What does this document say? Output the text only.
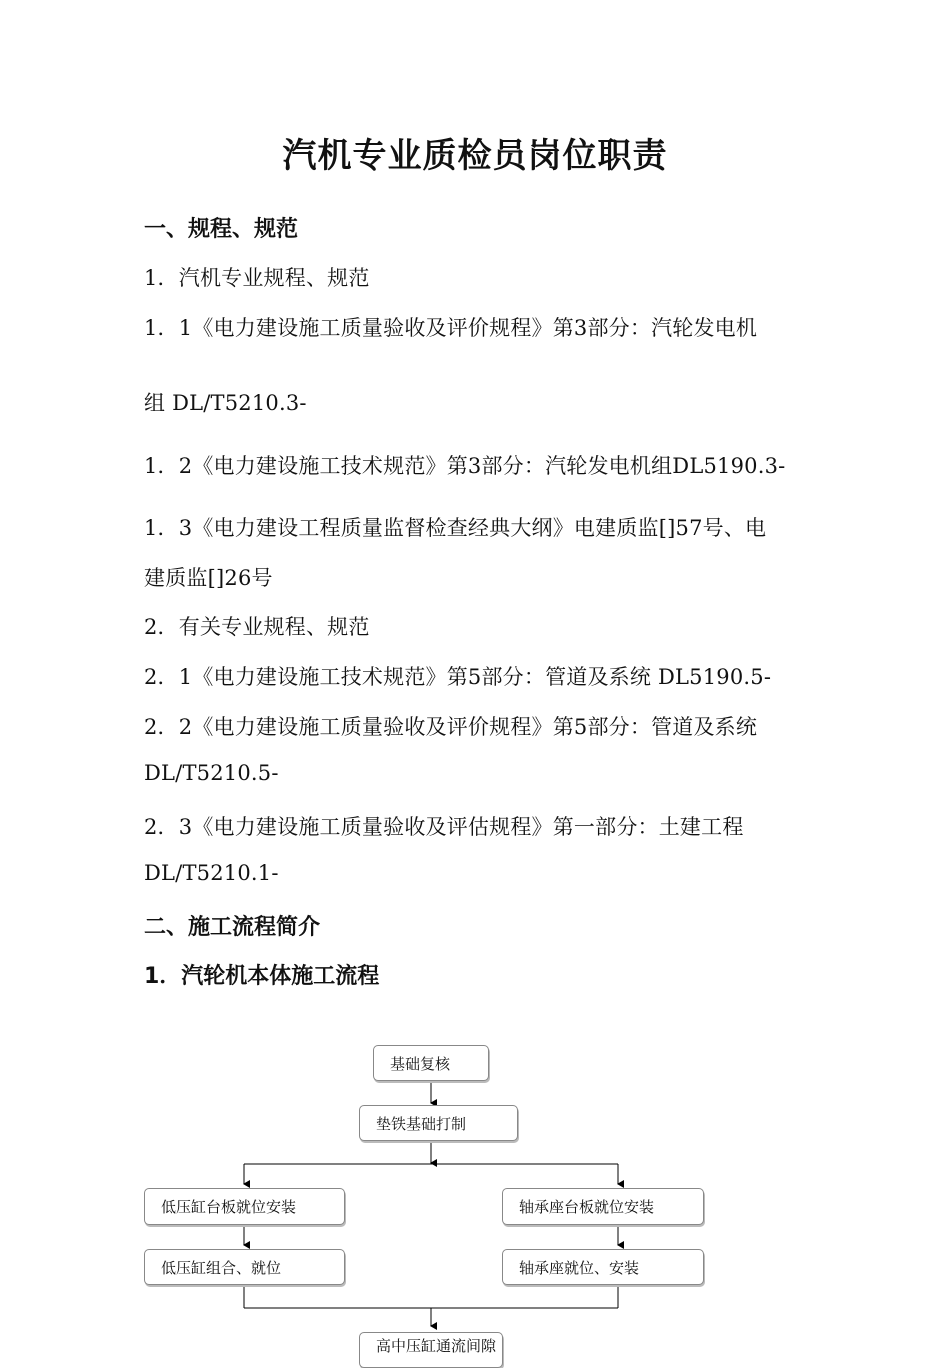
汽机专业质检员岗位职责
一、规程、规范

1．汽机专业规程、规范

1．1《电力建设施工质量验收及评价规程》第3部分：汽轮发电机

组 DL/T5210.3-

1．2《电力建设施工技术规范》第3部分：汽轮发电机组DL5190.3-

1．3《电力建设工程质量监督检查经典大纲》电建质监[]57号、电

建质监[]26号

2．有关专业规程、规范

2．1《电力建设施工技术规范》第5部分：管道及系统 DL5190.5-

2．2《电力建设施工质量验收及评价规程》第5部分：管道及系统

DL/T5210.5-

2．3《电力建设施工质量验收及评估规程》第一部分：土建工程

DL/T5210.1-

二、施工流程简介
1．汽轮机本体施工流程
基础复核
垫铁基础打制
低压缸台板就位安装	轴承座台板就位安装
低压缸组合、就位	轴承座就位、安装
高中压缸通流间隙
